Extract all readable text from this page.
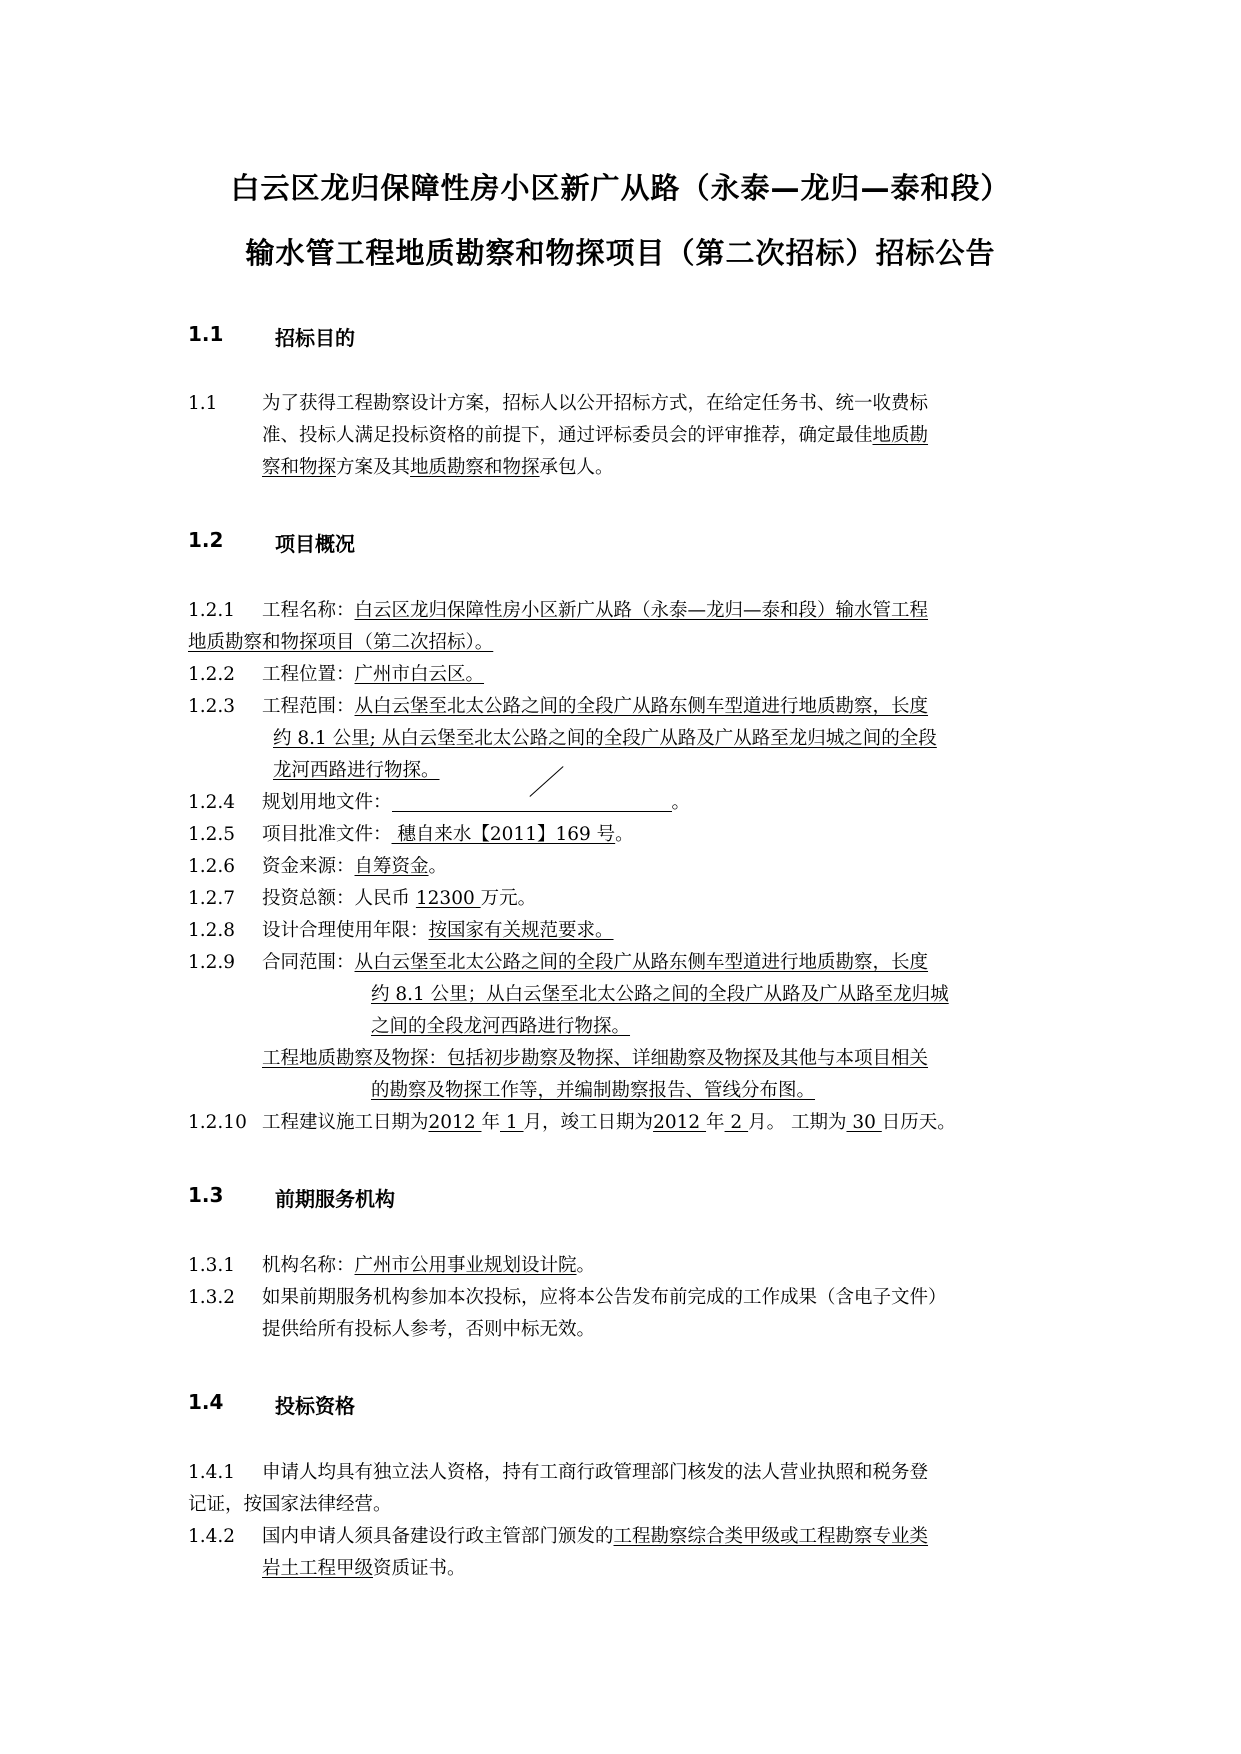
白云区龙归保障性房小区新广从路（永泰—龙归—泰和段）
输水管工程地质勘察和物探项目（第二次招标）招标公告
1.1	招标目的
1.1 为了获得工程勘察设计方案，招标人以公开招标方式，在给定任务书、统一收费标
准、投标人满足投标资格的前提下，通过评标委员会的评审推荐，确定最佳地质勘
察和物探方案及其地质勘察和物探承包人。
1.2	项目概况
1.2.1 工程名称：白云区龙归保障性房小区新广从路（永泰—龙归—泰和段）输水管工程
地质勘察和物探项目（第二次招标）。
1.2.2 工程位置：广州市白云区。
1.2.3 工程范围：从白云堡至北太公路之间的全段广从路东侧车型道进行地质勘察，长度
约 8.1 公里; 从白云堡至北太公路之间的全段广从路及广从路至龙归城之间的全段
龙河西路进行物探。
1.2.4 规划用地文件：	。
1.2.5 项目批准文件： 穗自来水【2011】169 号。
1.2.6 资金来源：自筹资金。
1.2.7 投资总额：人民币 12300 万元。
1.2.8 设计合理使用年限：按国家有关规范要求。
1.2.9 合同范围：从白云堡至北太公路之间的全段广从路东侧车型道进行地质勘察，长度
约 8.1 公里；从白云堡至北太公路之间的全段广从路及广从路至龙归城
之间的全段龙河西路进行物探。
工程地质勘察及物探：包括初步勘察及物探、详细勘察及物探及其他与本项目相关
的勘察及物探工作等，并编制勘察报告、管线分布图。
1.2.10 工程建议施工日期为2012 年 1 月，竣工日期为2012 年 2 月。 工期为 30 日历天。
1.3	前期服务机构
1.3.1 机构名称：广州市公用事业规划设计院。
1.3.2 如果前期服务机构参加本次投标，应将本公告发布前完成的工作成果（含电子文件）
提供给所有投标人参考，否则中标无效。
1.4	投标资格
1.4.1 申请人均具有独立法人资格，持有工商行政管理部门核发的法人营业执照和税务登
记证，按国家法律经营。
1.4.2 国内申请人须具备建设行政主管部门颁发的工程勘察综合类甲级或工程勘察专业类
岩土工程甲级资质证书。
